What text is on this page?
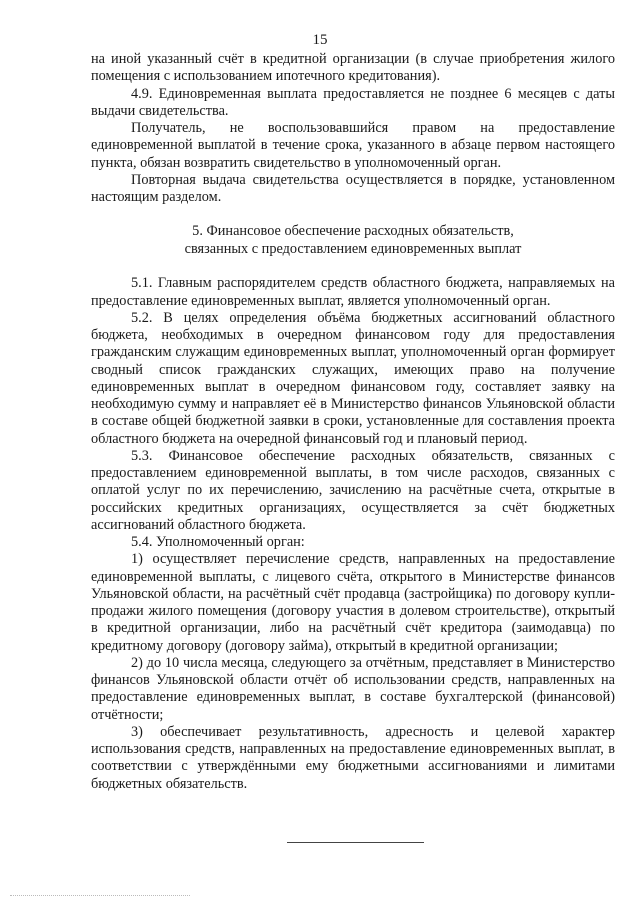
15

на иной указанный счёт в кредитной организации (в случае приобретения жилого помещения с использованием ипотечного кредитования).

4.9. Единовременная выплата предоставляется не позднее 6 месяцев с даты выдачи свидетельства.

Получатель, не воспользовавшийся правом на предоставление единовременной выплатой в течение срока, указанного в абзаце первом настоящего пункта, обязан возвратить свидетельство в уполномоченный орган.

Повторная выдача свидетельства осуществляется в порядке, установленном настоящим разделом.

5. Финансовое обеспечение расходных обязательств,
связанных с предоставлением единовременных выплат

5.1. Главным распорядителем средств областного бюджета, направляемых на предоставление единовременных выплат, является уполномоченный орган.

5.2. В целях определения объёма бюджетных ассигнований областного бюджета, необходимых в очередном финансовом году для предоставления гражданским служащим единовременных выплат, уполномоченный орган формирует сводный список гражданских служащих, имеющих право на получение единовременных выплат в очередном финансовом году, составляет заявку на необходимую сумму и направляет её в Министерство финансов Ульяновской области в составе общей бюджетной заявки в сроки, установленные для составления проекта областного бюджета на очередной финансовый год и плановый период.

5.3. Финансовое обеспечение расходных обязательств, связанных с предоставлением единовременной выплаты, в том числе расходов, связанных с оплатой услуг по их перечислению, зачислению на расчётные счета, открытые в российских кредитных организациях, осуществляется за счёт бюджетных ассигнований областного бюджета.

5.4. Уполномоченный орган:

1) осуществляет перечисление средств, направленных на предоставление единовременной выплаты, с лицевого счёта, открытого в Министерстве финансов Ульяновской области, на расчётный счёт продавца (застройщика) по договору купли-продажи жилого помещения (договору участия в долевом строительстве), открытый в кредитной организации, либо на расчётный счёт кредитора (заимодавца) по кредитному договору (договору займа), открытый в кредитной организации;

2) до 10 числа месяца, следующего за отчётным, представляет в Министерство финансов Ульяновской области отчёт об использовании средств, направленных на предоставление единовременных выплат, в составе бухгалтерской (финансовой) отчётности;

3) обеспечивает результативность, адресность и целевой характер использования средств, направленных на предоставление единовременных выплат, в соответствии с утверждёнными ему бюджетными ассигнованиями и лимитами бюджетных обязательств.
